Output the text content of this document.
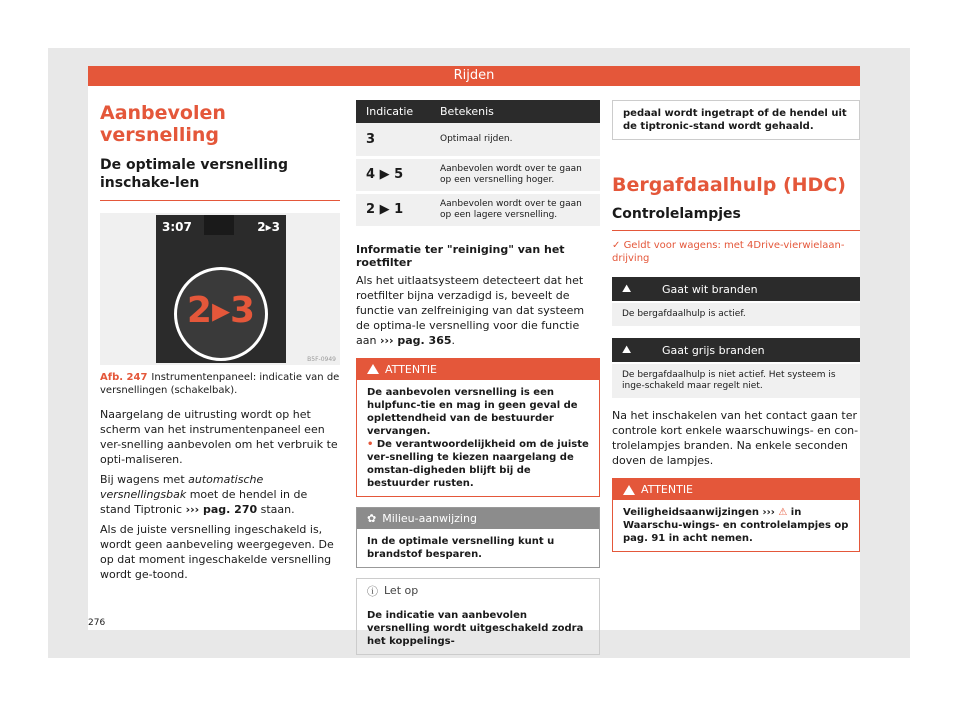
Rijden
Aanbevolen versnelling
De optimale versnelling inschake-len
3:07	2▸3
2▸3
B5F-0949
Afb. 247 Instrumentenpaneel: indicatie van de versnellingen (schakelbak).

Naargelang de uitrusting wordt op het scherm van het instrumentenpaneel een ver-snelling aanbevolen om het verbruik te opti-maliseren.

Bij wagens met automatische versnellingsbak moet de hendel in de stand Tiptronic ››› pag. 270 staan.

Als de juiste versnelling ingeschakeld is, wordt geen aanbeveling weergegeven. De op dat moment ingeschakelde versnelling wordt ge-toond.

Indicatie	Betekenis
3	Optimaal rijden.
4 ▶ 5	Aanbevolen wordt over te gaan op een versnelling hoger.
2 ▶ 1	Aanbevolen wordt over te gaan op een lagere versnelling.
Informatie ter "reiniging" van het roetfilter

Als het uitlaatsysteem detecteert dat het roetfilter bijna verzadigd is, beveelt de functie van zelfreiniging van dat systeem de optima-le versnelling voor die functie aan ››› pag. 365.

ATTENTIE

De aanbevolen versnelling is een hulpfunc-tie en mag in geen geval de oplettendheid van de bestuurder vervangen.

• De verantwoordelijkheid om de juiste ver-snelling te kiezen naargelang de omstan-digheden blijft bij de bestuurder rusten.

✿ Milieu-aanwijzing
In de optimale versnelling kunt u brandstof besparen.
ⓘ Let op
De indicatie van aanbevolen versnelling wordt uitgeschakeld zodra het koppelings-
pedaal wordt ingetrapt of de hendel uit de tiptronic-stand wordt gehaald.
Bergafdaalhulp (HDC)
Controlelampjes
✓ Geldt voor wagens: met 4Drive-vierwielaan-drijving
⛰	Gaat wit branden
De bergafdaalhulp is actief.
⛰	Gaat grijs branden
De bergafdaalhulp is niet actief. Het systeem is inge-schakeld maar regelt niet.

Na het inschakelen van het contact gaan ter controle kort enkele waarschuwings- en con-trolelampjes branden. Na enkele seconden doven de lampjes.

ATTENTIE
Veiligheidsaanwijzingen ››› ⚠ in Waarschu-wings- en controlelampjes op pag. 91 in acht nemen.
276
